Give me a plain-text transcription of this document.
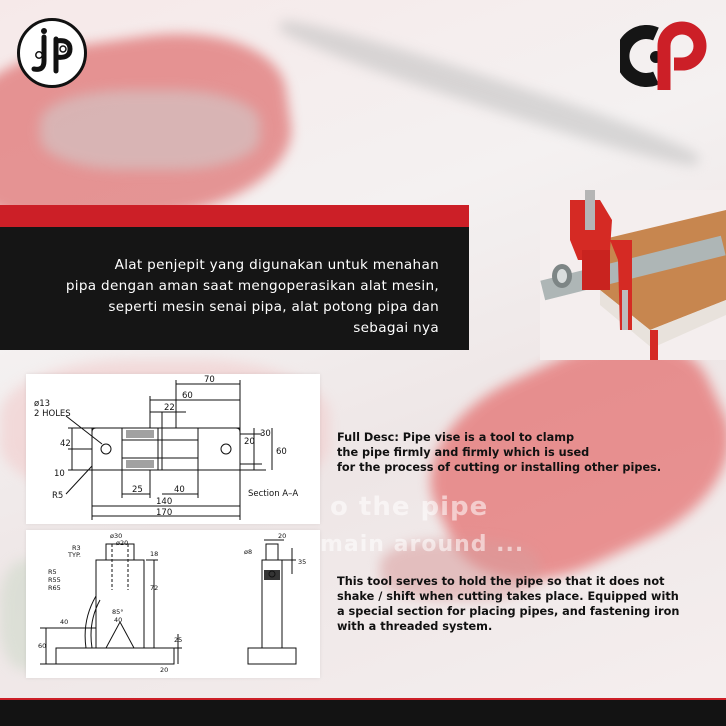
o the pipe
main around ...
Alat penjepit yang digunakan untuk menahan
pipa dengan aman saat mengoperasikan alat mesin,
seperti mesin senai pipa, alat potong pipa dan
sebagai nya
ø13
2 HOLES
70
60
22
42
10
20
30
60
R5
25	40
140
170
Section A–A
ø30
ø20
R3
TYP.
R5
R55
R65
18
72
85°
40	40
25
60
20
ø8
20
35
Full Desc: Pipe vise is a tool to clamp
the pipe firmly and firmly which is used
for the process of cutting or installing other pipes.
This tool serves to hold the pipe so that it does not
shake / shift when cutting takes place. Equipped with
a special section for placing pipes, and fastening iron
with a threaded system.
